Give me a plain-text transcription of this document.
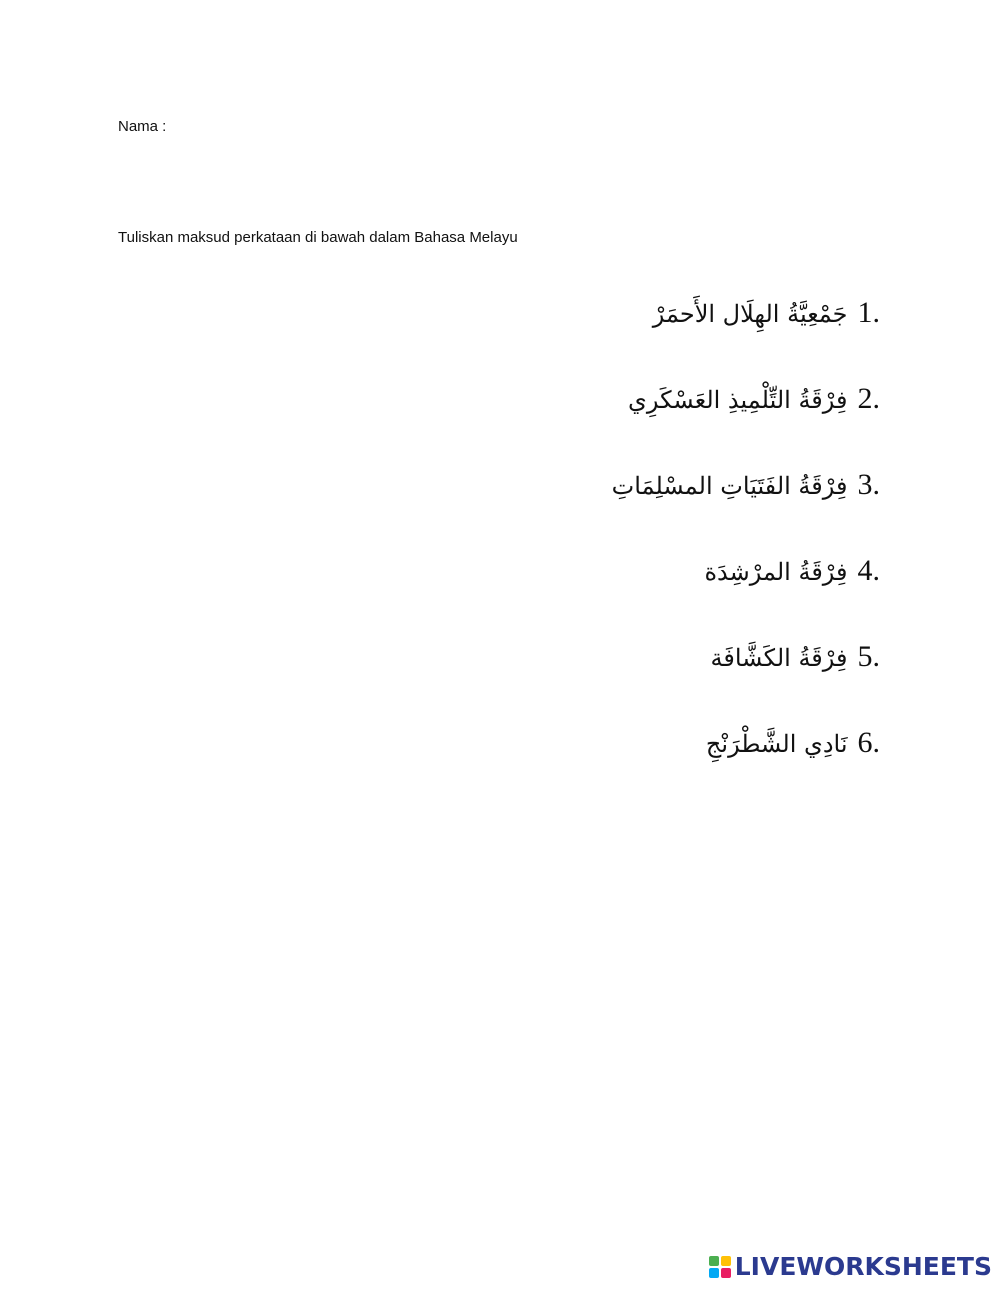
Nama :
Tuliskan maksud perkataan di bawah dalam Bahasa Melayu
جَمْعِيَّةُ الهِلَال الأَحمَرْ 1.
فِرْقَةُ التِّلْمِيذِ العَسْكَرِي 2.
فِرْقَةُ الفَتَيَاتِ المسْلِمَاتِ 3.
فِرْقَةُ المرْشِدَة 4.
فِرْقَةُ الكَشَّافَة 5.
نَادِي الشَّطْرَنْجِ 6.
LIVEWORKSHEETS
